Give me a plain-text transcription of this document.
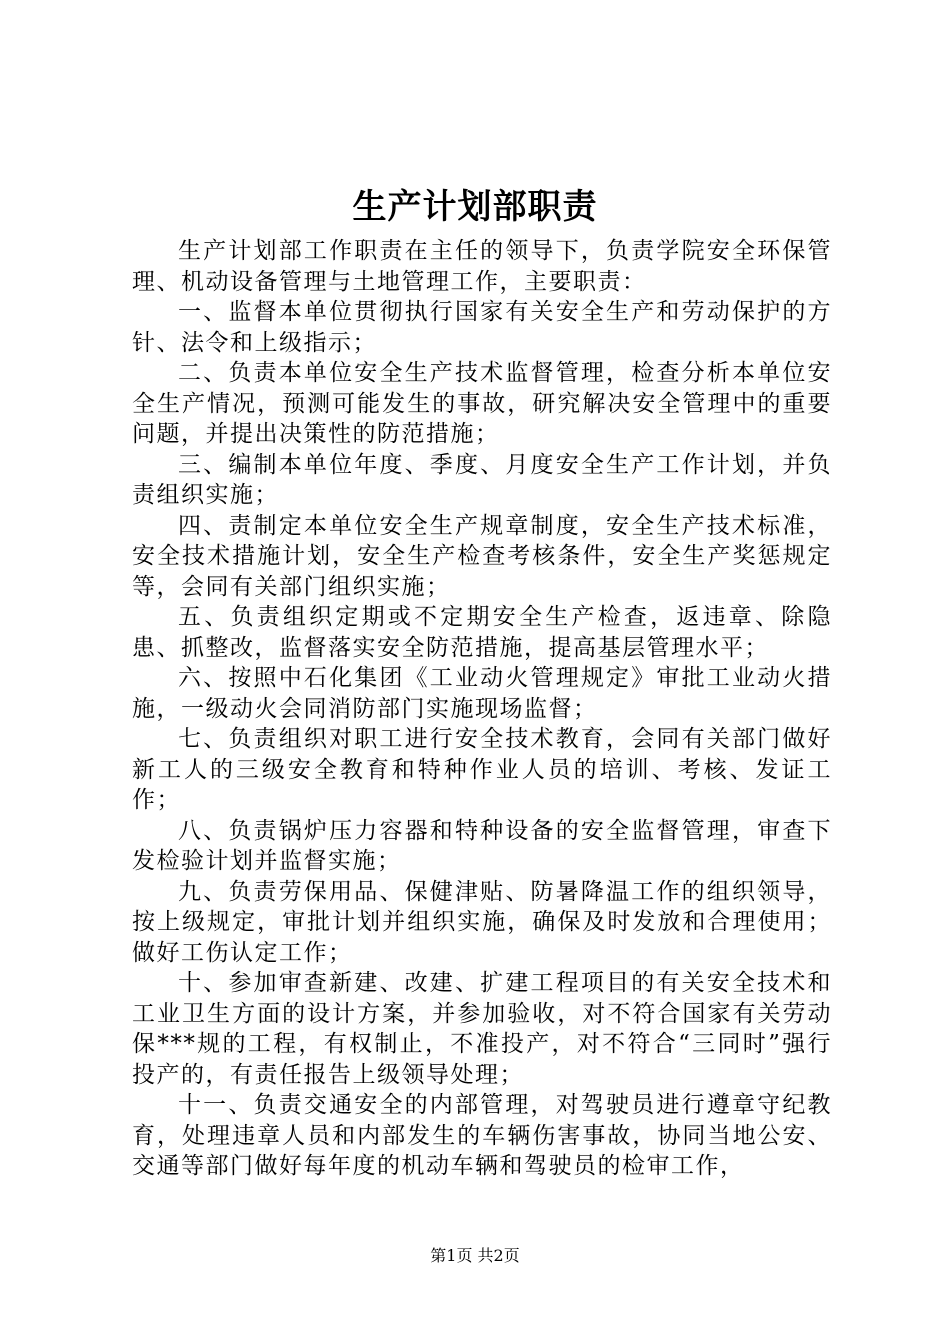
生产计划部职责

生产计划部工作职责在主任的领导下，负责学院安全环保管理、机动设备管理与土地管理工作，主要职责：

一、监督本单位贯彻执行国家有关安全生产和劳动保护的方针、法令和上级指示；

二、负责本单位安全生产技术监督管理，检查分析本单位安全生产情况，预测可能发生的事故，研究解决安全管理中的重要问题，并提出决策性的防范措施；

三、编制本单位年度、季度、月度安全生产工作计划，并负责组织实施；

四、责制定本单位安全生产规章制度，安全生产技术标准，安全技术措施计划，安全生产检查考核条件，安全生产奖惩规定等，会同有关部门组织实施；

五、负责组织定期或不定期安全生产检查，返违章、除隐患、抓整改，监督落实安全防范措施，提高基层管理水平；

六、按照中石化集团《工业动火管理规定》审批工业动火措施，一级动火会同消防部门实施现场监督；

七、负责组织对职工进行安全技术教育，会同有关部门做好新工人的三级安全教育和特种作业人员的培训、考核、发证工作；

八、负责锅炉压力容器和特种设备的安全监督管理，审查下发检验计划并监督实施；

九、负责劳保用品、保健津贴、防暑降温工作的组织领导，按上级规定，审批计划并组织实施，确保及时发放和合理使用；做好工伤认定工作；

十、参加审查新建、改建、扩建工程项目的有关安全技术和工业卫生方面的设计方案，并参加验收，对不符合国家有关劳动保***规的工程，有权制止，不准投产，对不符合“三同时”强行投产的，有责任报告上级领导处理；

十一、负责交通安全的内部管理，对驾驶员进行遵章守纪教育，处理违章人员和内部发生的车辆伤害事故，协同当地公安、交通等部门做好每年度的机动车辆和驾驶员的检审工作，

第1页 共2页
